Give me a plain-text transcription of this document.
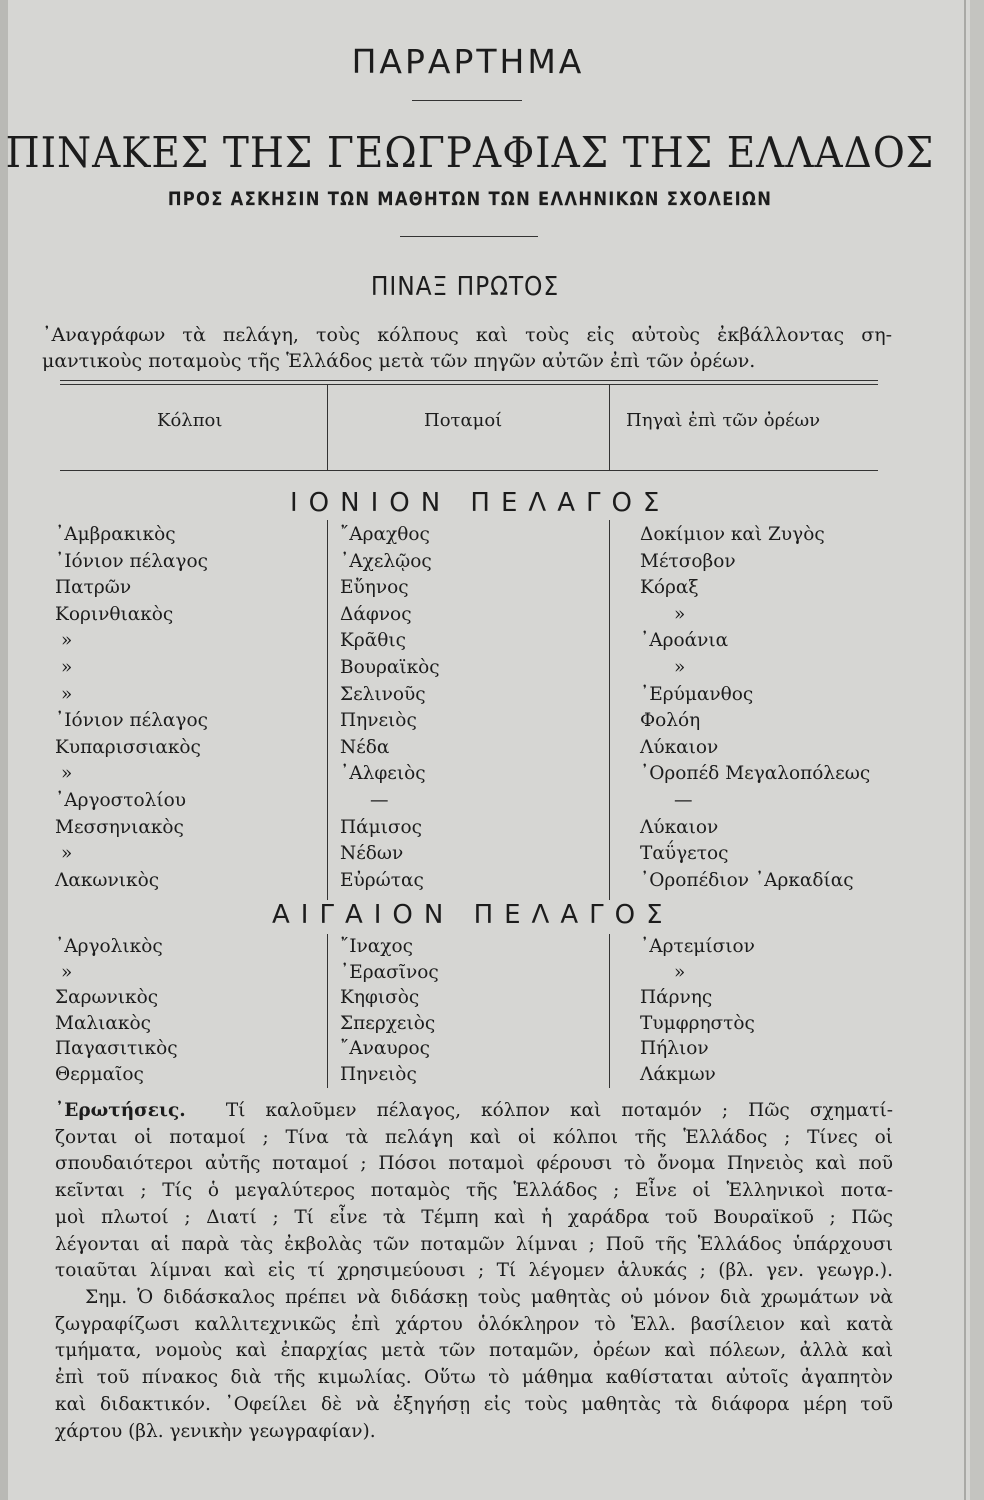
ΠΑΡΑΡΤΗΜΑ
ΠΙΝΑΚΕΣ ΤΗΣ ΓΕΩΓΡΑΦΙΑΣ ΤΗΣ ΕΛΛΑΔΟΣ
ΠΡΟΣ ΑΣΚΗΣΙΝ ΤΩΝ ΜΑΘΗΤΩΝ ΤΩΝ ΕΛΛΗΝΙΚΩΝ ΣΧΟΛΕΙΩΝ
ΠΙΝΑΞ ΠΡΩΤΟΣ
᾿Αναγράφων τὰ πελάγη, τοὺς κόλπους καὶ τοὺς εἰς αὐτοὺς ἐκβάλλοντας ση-
μαντικοὺς ποταμοὺς τῆς Ἑλλάδος μετὰ τῶν πηγῶν αὐτῶν ἐπὶ τῶν ὀρέων.
Κόλποι	Ποταμοί	Πηγαὶ ἐπὶ τῶν ὀρέων
ΙΟΝΙΟΝ ΠΕΛΑΓΟΣ
᾿Αμβρακικὸς	῎Αραχθος	Δοκίμιον καὶ Ζυγὸς
᾿Ιόνιον πέλαγος	᾿Αχελῷος	Μέτσοβον
Πατρῶν	Εὔηνος	Κόραξ
Κορινθιακὸς	Δάφνος	»
»	Κρᾶθις	᾿Αροάνια
»	Βουραϊκὸς	»
»	Σελινοῦς	᾿Ερύμανθος
᾿Ιόνιον πέλαγος	Πηνειὸς	Φολόη
Κυπαρισσιακὸς	Νέδα	Λύκαιον
»	᾿Αλφειὸς	᾿Οροπέδ Μεγαλοπόλεως
᾿Αργοστολίου	—	—
Μεσσηνιακὸς	Πάμισος	Λύκαιον
»	Νέδων	Ταΰγετος
Λακωνικὸς	Εὐρώτας	᾿Οροπέδιον ᾿Αρκαδίας
ΑΙΓΑΙΟΝ ΠΕΛΑΓΟΣ
᾿Αργολικὸς	῎Ιναχος	᾿Αρτεμίσιον
»	᾿Ερασῖνος	»
Σαρωνικὸς	Κηφισὸς	Πάρνης
Μαλιακὸς	Σπερχειὸς	Τυμφρηστὸς
Παγασιτικὸς	῎Αναυρος	Πήλιον
Θερμαῖος	Πηνειὸς	Λάκμων
᾿Ερωτήσεις. Τί καλοῦμεν πέλαγος, κόλπον καὶ ποταμόν ; Πῶς σχηματί-
ζονται οἱ ποταμοί ; Τίνα τὰ πελάγη καὶ οἱ κόλποι τῆς Ἑλλάδος ; Τίνες οἱ
σπουδαιότεροι αὐτῆς ποταμοί ; Πόσοι ποταμοὶ φέρουσι τὸ ὄνομα Πηνειὸς καὶ ποῦ
κεῖνται ; Τίς ὁ μεγαλύτερος ποταμὸς τῆς Ἑλλάδος ; Εἶνε οἱ Ἑλληνικοὶ ποτα-
μοὶ πλωτοί ; Διατί ; Τί εἶνε τὰ Τέμπη καὶ ἡ χαράδρα τοῦ Βουραϊκοῦ ; Πῶς
λέγονται αἱ παρὰ τὰς ἐκβολὰς τῶν ποταμῶν λίμναι ; Ποῦ τῆς Ἑλλάδος ὑπάρχουσι
τοιαῦται λίμναι καὶ εἰς τί χρησιμεύουσι ; Τί λέγομεν ἁλυκάς ; (βλ. γεν. γεωγρ.).
Σημ. Ὁ διδάσκαλος πρέπει νὰ διδάσκῃ τοὺς μαθητὰς οὐ μόνον διὰ χρωμάτων νὰ
ζωγραφίζωσι καλλιτεχνικῶς ἐπὶ χάρτου ὁλόκληρον τὸ Ἑλλ. βασίλειον καὶ κατὰ
τμήματα, νομοὺς καὶ ἐπαρχίας μετὰ τῶν ποταμῶν, ὀρέων καὶ πόλεων, ἀλλὰ καὶ
ἐπὶ τοῦ πίνακος διὰ τῆς κιμωλίας. Οὕτω τὸ μάθημα καθίσταται αὐτοῖς ἀγαπητὸν
καὶ διδακτικόν. ᾿Οφείλει δὲ νὰ ἐξηγήσῃ εἰς τοὺς μαθητὰς τὰ διάφορα μέρη τοῦ
χάρτου (βλ. γενικὴν γεωγραφίαν).
